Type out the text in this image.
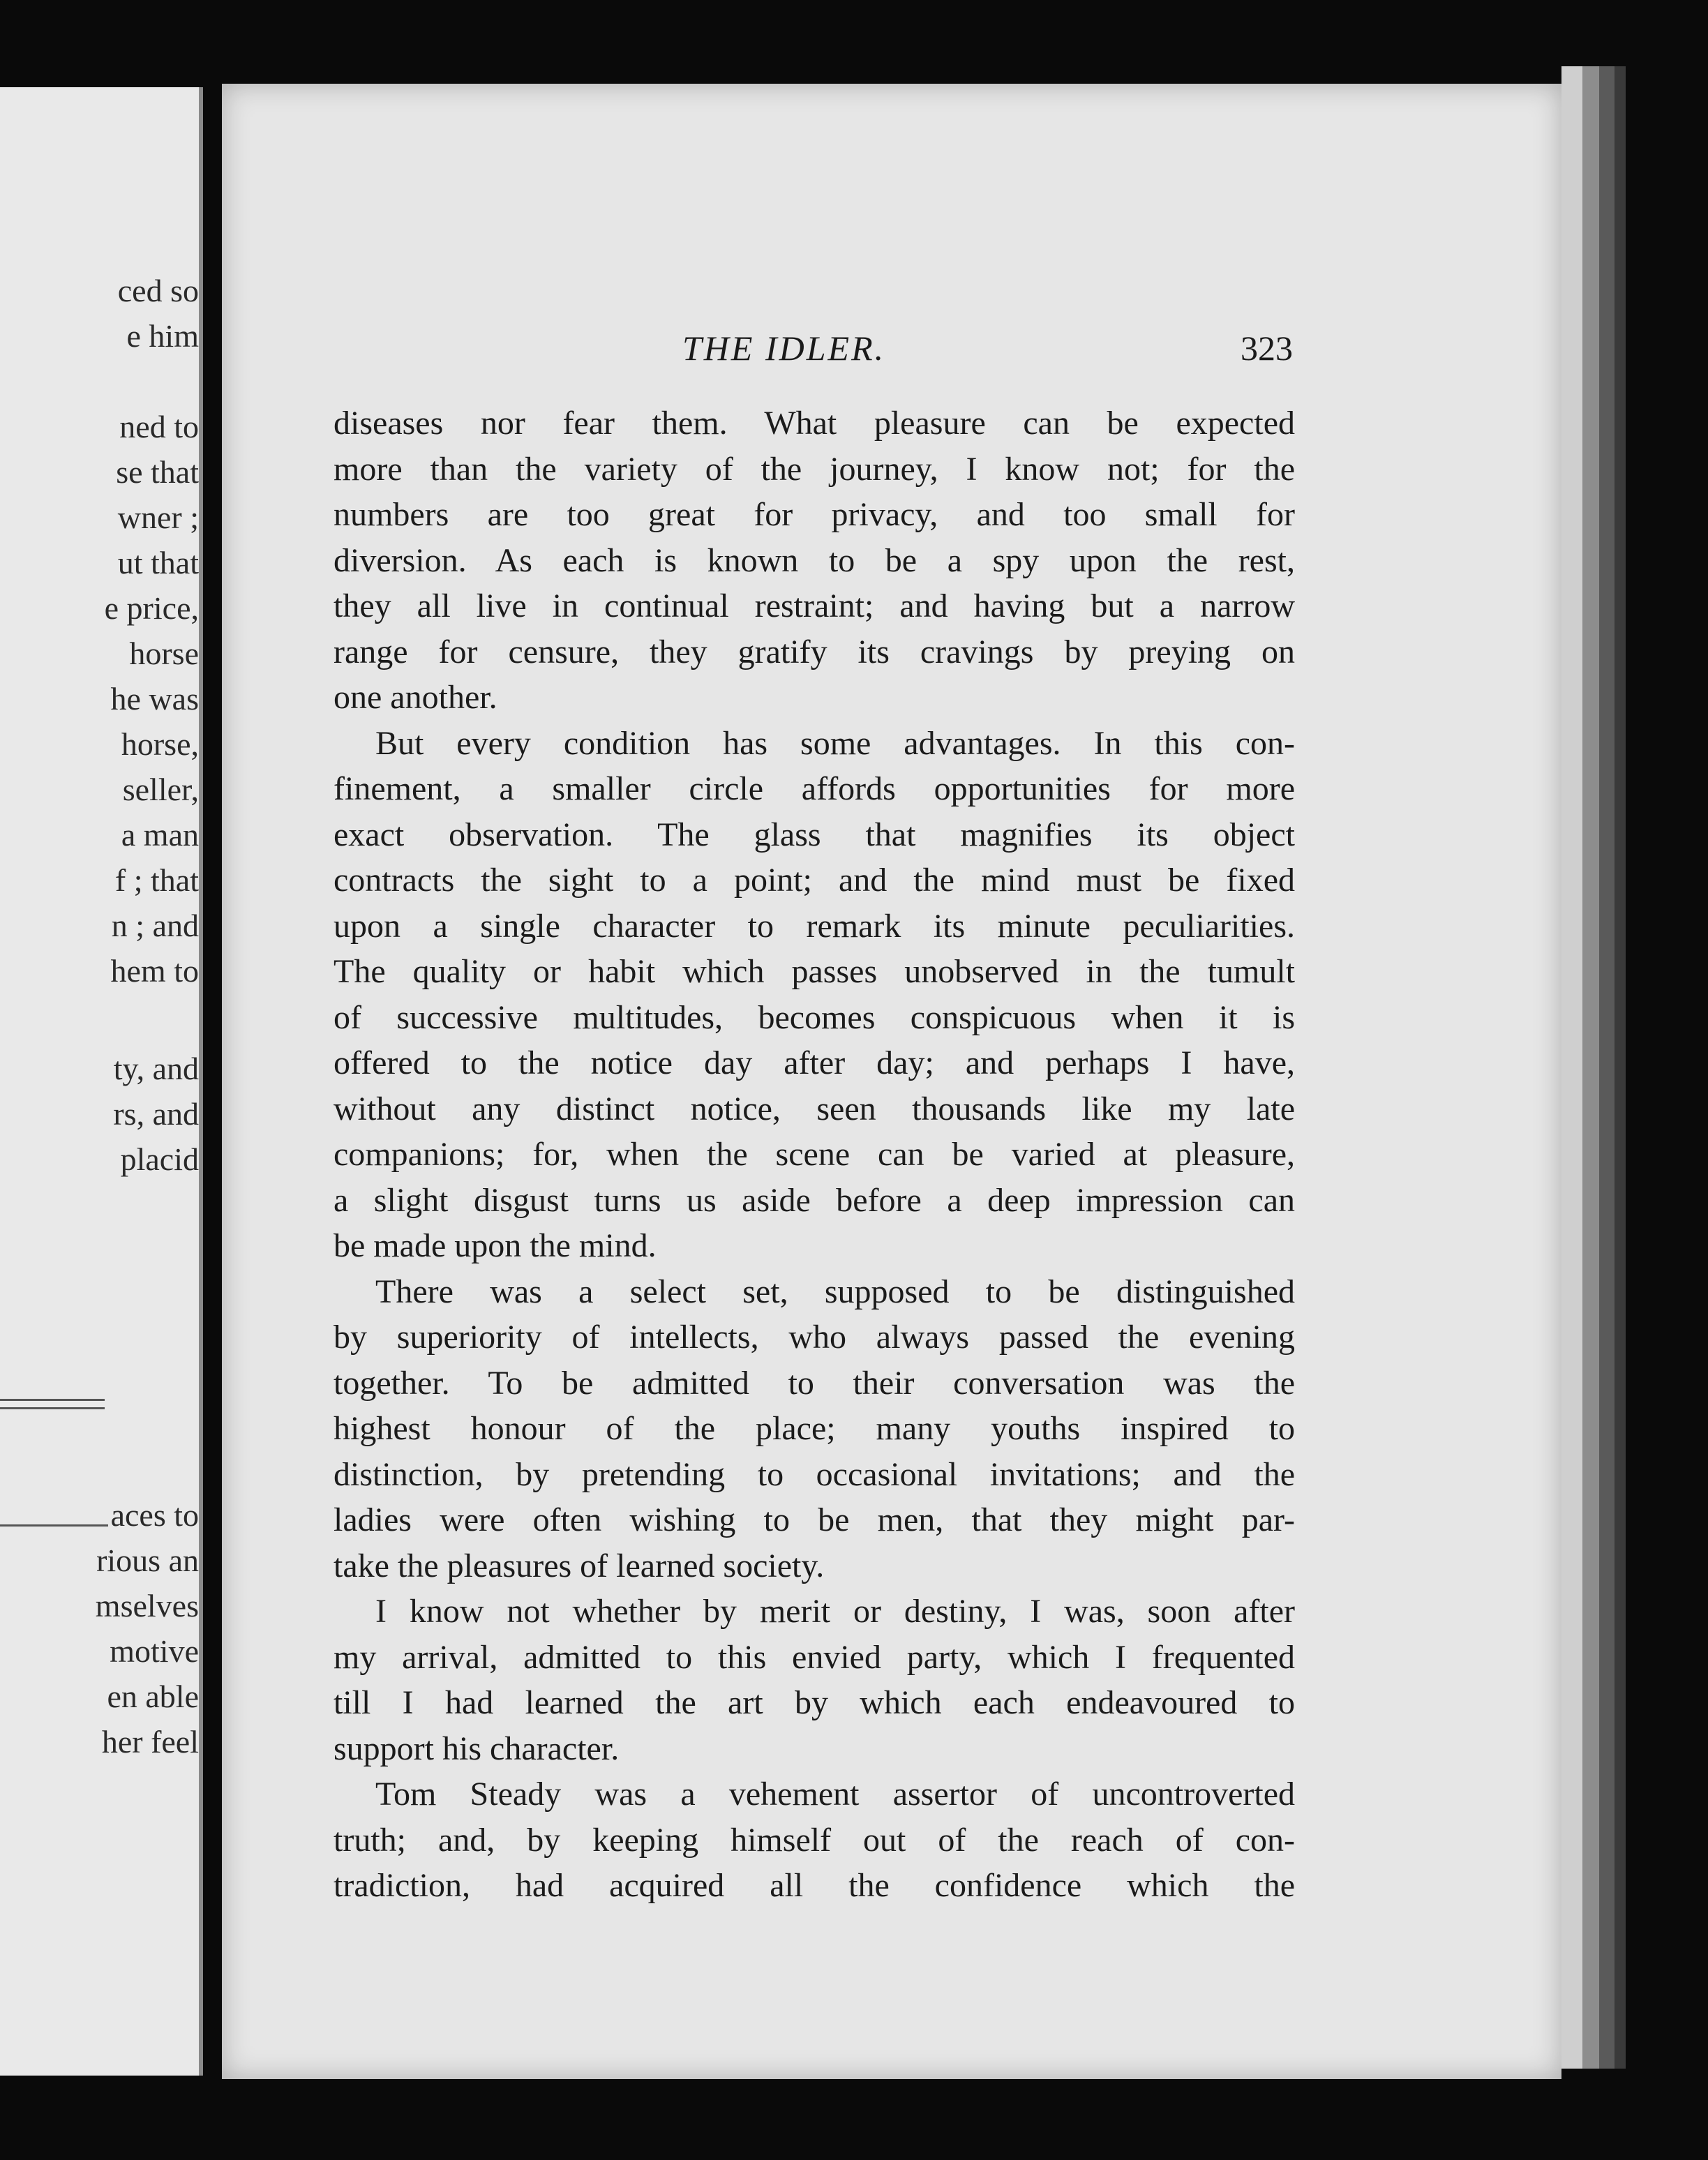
ced so
e him
ned to
se that
wner ;
ut that
e price,
horse
he was
horse,
seller,
a man
f ; that
n ; and
hem to
ty, and
rs, and
placid
aces to
rious an
mselves
motive
en able
her feel
THE IDLER.	323
diseases nor fear them. What pleasure can be expected
more than the variety of the journey, I know not; for the
numbers are too great for privacy, and too small for
diversion. As each is known to be a spy upon the rest,
they all live in continual restraint; and having but a narrow
range for censure, they gratify its cravings by preying on
one another.
But every condition has some advantages. In this con-
finement, a smaller circle affords opportunities for more
exact observation. The glass that magnifies its object
contracts the sight to a point; and the mind must be fixed
upon a single character to remark its minute peculiarities.
The quality or habit which passes unobserved in the tumult
of successive multitudes, becomes conspicuous when it is
offered to the notice day after day; and perhaps I have,
without any distinct notice, seen thousands like my late
companions; for, when the scene can be varied at pleasure,
a slight disgust turns us aside before a deep impression can
be made upon the mind.
There was a select set, supposed to be distinguished
by superiority of intellects, who always passed the evening
together. To be admitted to their conversation was the
highest honour of the place; many youths inspired to
distinction, by pretending to occasional invitations; and the
ladies were often wishing to be men, that they might par-
take the pleasures of learned society.
I know not whether by merit or destiny, I was, soon after
my arrival, admitted to this envied party, which I frequented
till I had learned the art by which each endeavoured to
support his character.
Tom Steady was a vehement assertor of uncontroverted
truth; and, by keeping himself out of the reach of con-
tradiction, had acquired all the confidence which the
